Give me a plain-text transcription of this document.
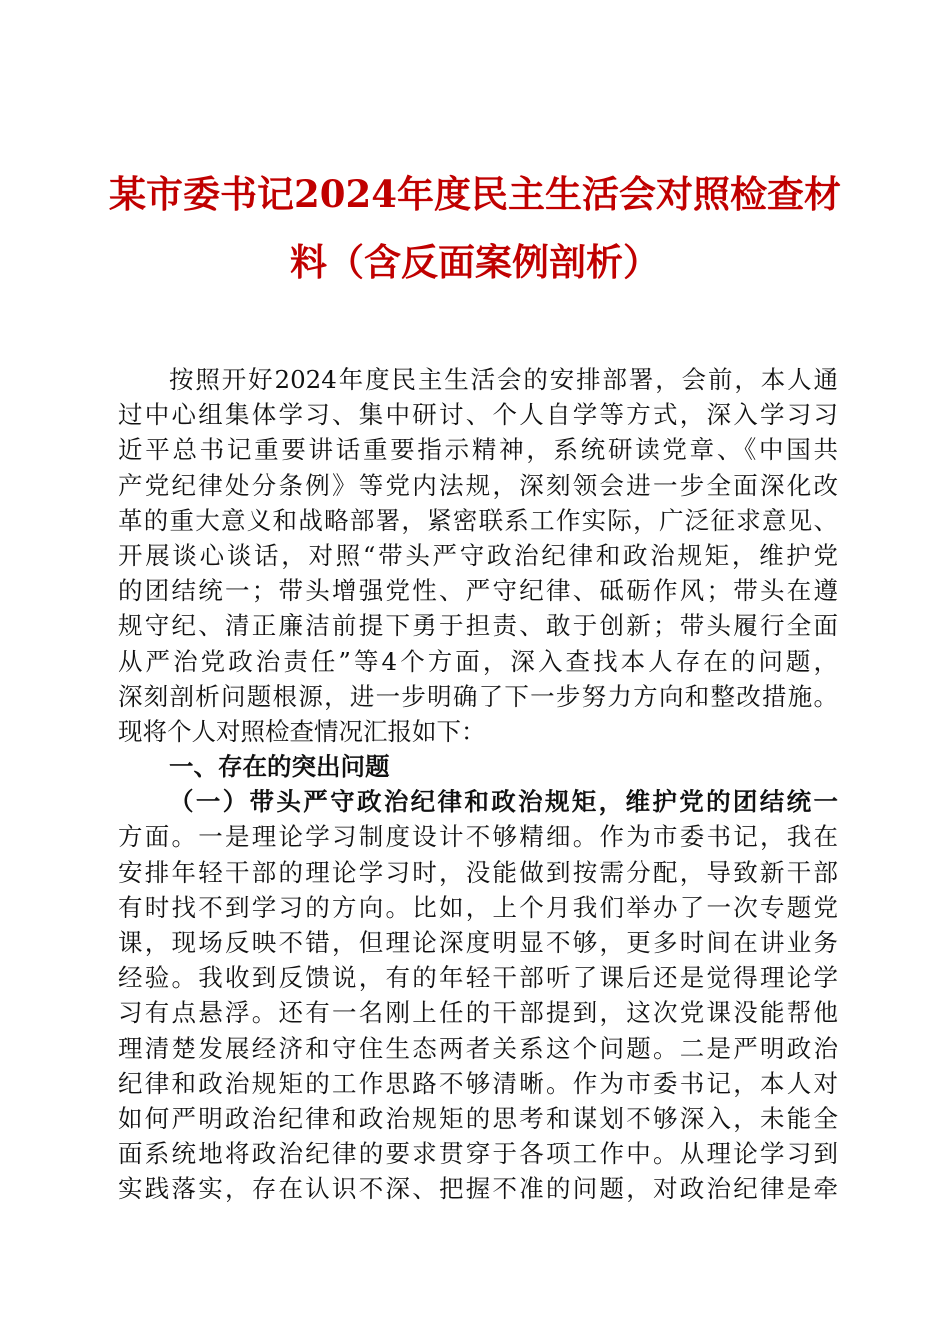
某市委书记2024年度民主生活会对照检查材
料（含反面案例剖析）
按照开好2024年度民主生活会的安排部署，会前，本人通
过中心组集体学习、集中研讨、个人自学等方式，深入学习习
近平总书记重要讲话重要指示精神，系统研读党章、《中国共
产党纪律处分条例》等党内法规，深刻领会进一步全面深化改
革的重大意义和战略部署，紧密联系工作实际，广泛征求意见、
开展谈心谈话，对照“带头严守政治纪律和政治规矩，维护党
的团结统一；带头增强党性、严守纪律、砥砺作风；带头在遵
规守纪、清正廉洁前提下勇于担责、敢于创新；带头履行全面
从严治党政治责任”等4个方面，深入查找本人存在的问题，
深刻剖析问题根源，进一步明确了下一步努力方向和整改措施。
现将个人对照检查情况汇报如下：
一、存在的突出问题
（一）带头严守政治纪律和政治规矩，维护党的团结统一
方面。一是理论学习制度设计不够精细。作为市委书记，我在
安排年轻干部的理论学习时，没能做到按需分配，导致新干部
有时找不到学习的方向。比如，上个月我们举办了一次专题党
课，现场反映不错，但理论深度明显不够，更多时间在讲业务
经验。我收到反馈说，有的年轻干部听了课后还是觉得理论学
习有点悬浮。还有一名刚上任的干部提到，这次党课没能帮他
理清楚发展经济和守住生态两者关系这个问题。二是严明政治
纪律和政治规矩的工作思路不够清晰。作为市委书记，本人对
如何严明政治纪律和政治规矩的思考和谋划不够深入，未能全
面系统地将政治纪律的要求贯穿于各项工作中。从理论学习到
实践落实，存在认识不深、把握不准的问题，对政治纪律是牵
